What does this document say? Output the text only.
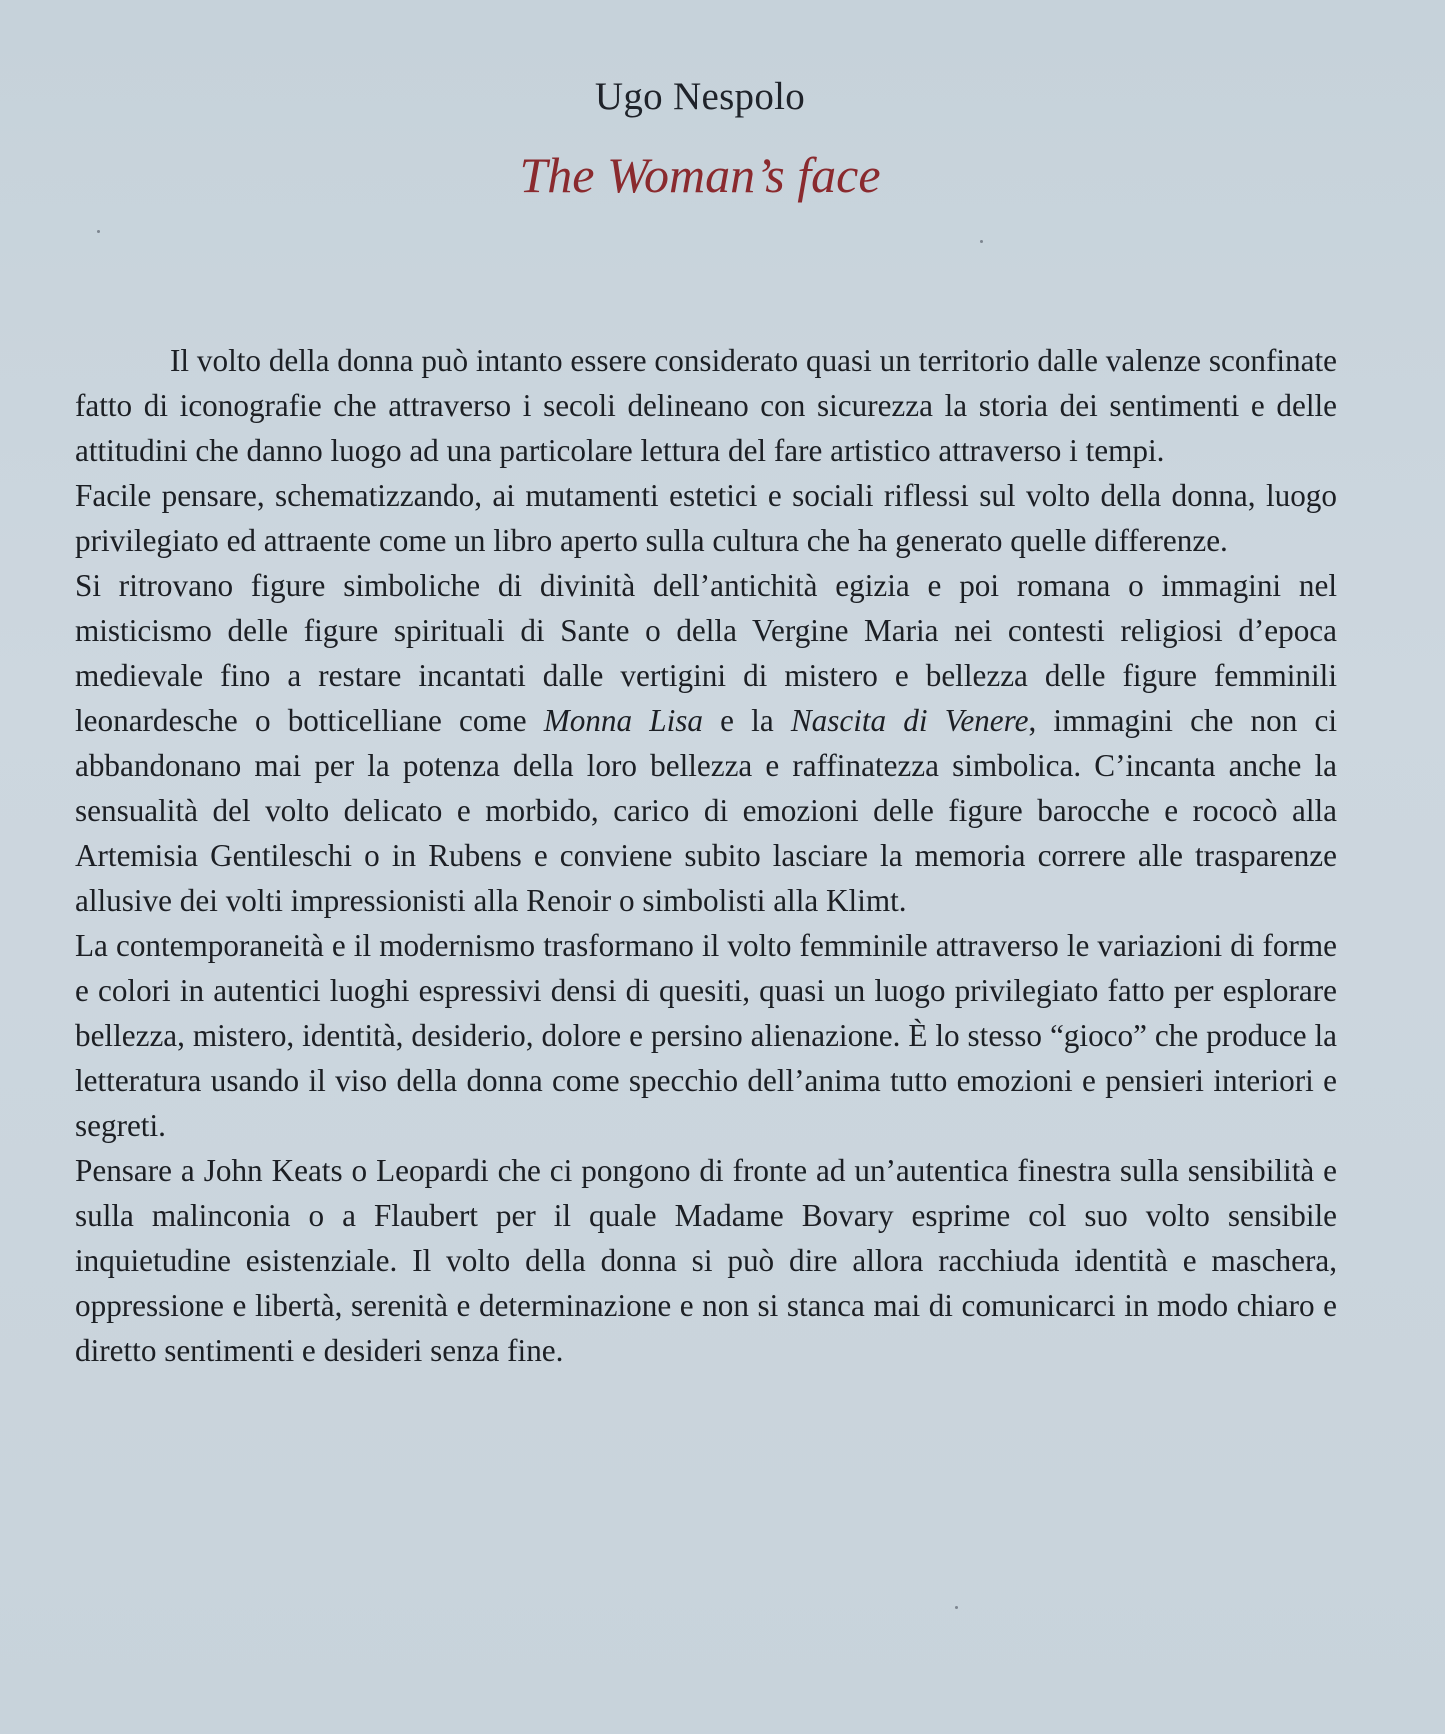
Ugo Nespolo
The Woman’s face

Il volto della donna può intanto essere considerato quasi un territorio dalle valenze sconfinate fatto di iconografie che attraverso i secoli delineano con sicurezza la storia dei sentimenti e delle attitudini che danno luogo ad una particolare lettura del fare artistico attraverso i tempi.

Facile pensare, schematizzando, ai mutamenti estetici e sociali riflessi sul volto della donna, luogo privilegiato ed attraente come un libro aperto sulla cultura che ha generato quelle differenze.

Si ritrovano figure simboliche di divinità dell’antichità egizia e poi romana o immagini nel misticismo delle figure spirituali di Sante o della Vergine Maria nei contesti religiosi d’epoca medievale fino a restare incantati dalle vertigini di mistero e bellezza delle figure femminili leonardesche o botticelliane come Monna Lisa e la Nascita di Venere, immagini che non ci abbandonano mai per la potenza della loro bellezza e raffinatezza simbolica. C’incanta anche la sensualità del volto delicato e morbido, carico di emozioni delle figure barocche e rococò alla Artemisia Gentileschi o in Rubens e conviene subito lasciare la memoria correre alle trasparenze allusive dei volti impressionisti alla Renoir o simbolisti alla Klimt.

La contemporaneità e il modernismo trasformano il volto femminile attraverso le variazioni di forme e colori in autentici luoghi espressivi densi di quesiti, quasi un luogo privilegiato fatto per esplorare bellezza, mistero, identità, desiderio, dolore e persino alienazione. È lo stesso “gioco” che produce la letteratura usando il viso della donna come specchio dell’anima tutto emozioni e pensieri interiori e segreti.

Pensare a John Keats o Leopardi che ci pongono di fronte ad un’autentica finestra sulla sensibilità e sulla malinconia o a Flaubert per il quale Madame Bovary esprime col suo volto sensibile inquietudine esistenziale. Il volto della donna si può dire allora racchiuda identità e maschera, oppressione e libertà, serenità e determinazione e non si stanca mai di comunicarci in modo chiaro e diretto sentimenti e desideri senza fine.
